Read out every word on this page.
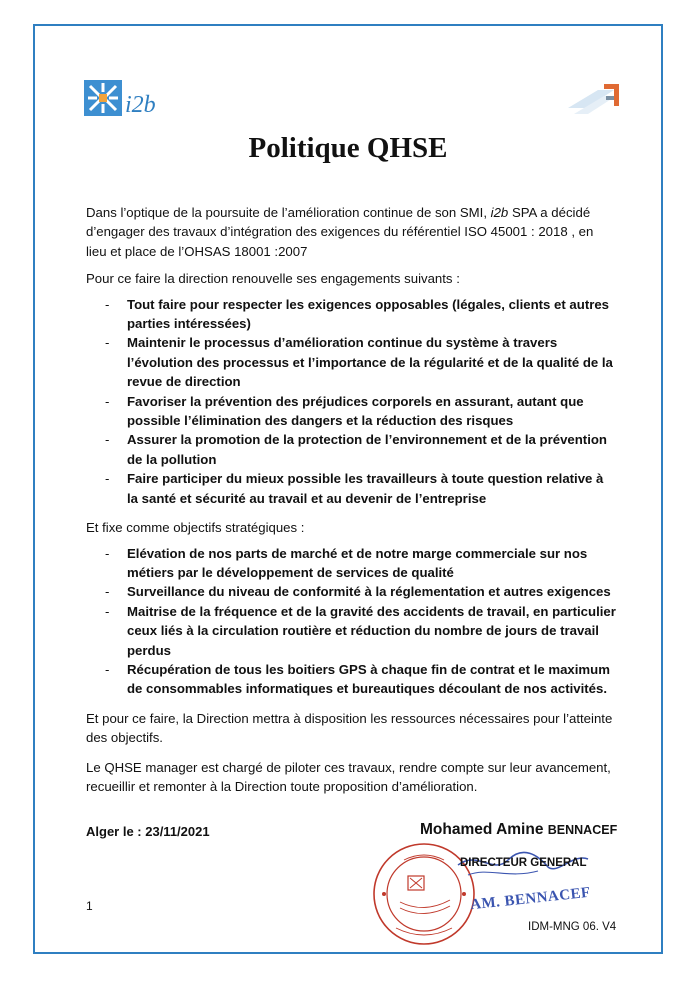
i2b
Politique QHSE

Dans l’optique de la poursuite de l’amélioration continue de son SMI, i2b SPA a décidé d’engager des travaux d’intégration des exigences du référentiel ISO 45001 : 2018 , en lieu et place de l’OHSAS 18001 :2007

Pour ce faire la direction renouvelle ses engagements suivants :

- Tout faire pour respecter les exigences opposables (légales, clients et autres parties intéressées)
- Maintenir le processus d’amélioration continue du système à travers l’évolution des processus et l’importance de la régularité et de la qualité de la revue de direction
- Favoriser la prévention des préjudices corporels en assurant, autant que possible l’élimination des dangers et la réduction des risques
- Assurer la promotion de la protection de l’environnement et de la prévention de la pollution
- Faire participer du mieux possible les travailleurs à toute question relative à la santé et sécurité au travail et au devenir de l’entreprise

Et fixe comme objectifs stratégiques :

- Elévation de nos parts de marché et de notre marge commerciale sur nos métiers par le développement de services de qualité
- Surveillance du niveau de conformité à la réglementation et autres exigences
- Maitrise de la fréquence et de la gravité des accidents de travail, en particulier ceux liés à la circulation routière et réduction du nombre de jours de travail perdus
- Récupération de tous les boitiers GPS à chaque fin de contrat et le maximum de consommables informatiques et bureautiques découlant de nos activités.

Et pour ce faire, la Direction mettra à disposition les ressources nécessaires pour l’atteinte des objectifs.

Le QHSE manager est chargé de piloter ces travaux, rendre compte sur leur avancement, recueillir et remonter à la Direction toute proposition d’amélioration.

Alger le : 23/11/2021	Mohamed Amine BENNACEF
DIRECTEUR GENERAL
AM. BENNACEF
1
IDM-MNG 06. V4
